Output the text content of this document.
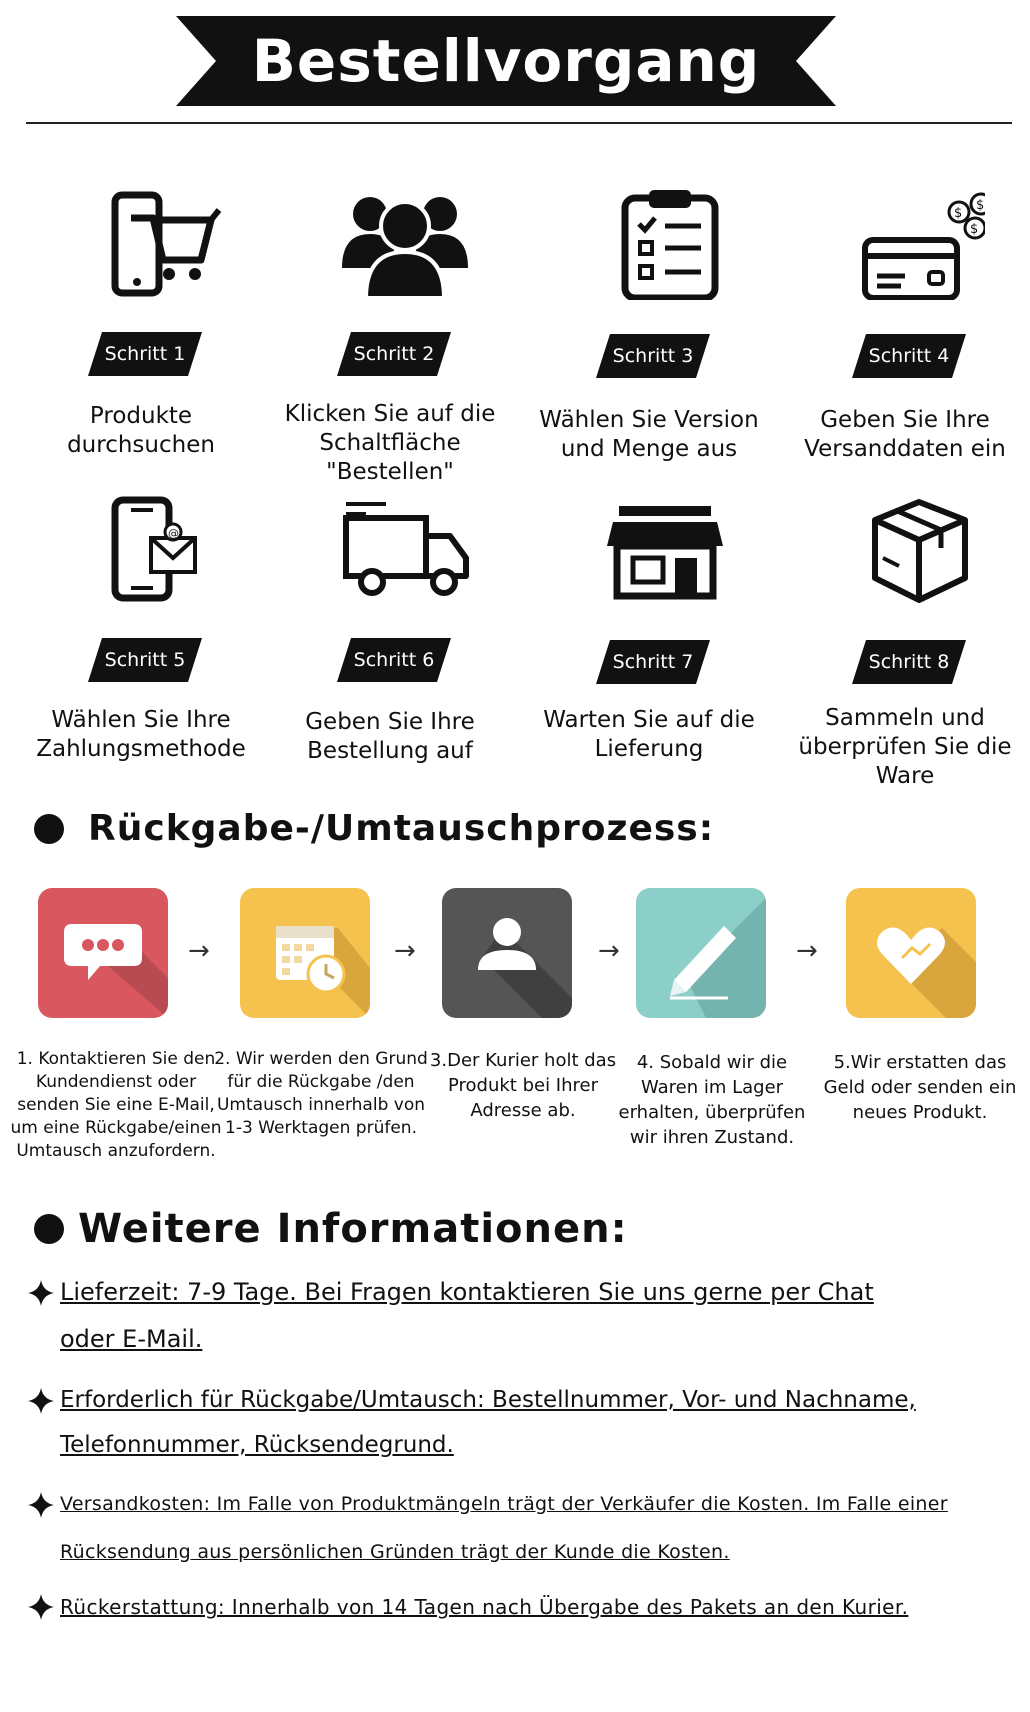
Bestellvorgang
Schritt 1
Produkte durchsuchen
Schritt 2
Klicken Sie auf die Schaltfläche "Bestellen"
Schritt 3
Wählen Sie Version und Menge aus
$
$
$
Schritt 4
Geben Sie Ihre Versanddaten ein
@
Schritt 5
Wählen Sie Ihre Zahlungsmethode
Schritt 6
Geben Sie Ihre Bestellung auf
Schritt 7
Warten Sie auf die Lieferung
Schritt 8
Sammeln und überprüfen Sie die Ware
Rückgabe-/Umtauschprozess:
→	→	→	→
1. Kontaktieren Sie den Kundendienst oder senden Sie eine E-Mail, um eine Rückgabe/einen Umtausch anzufordern.
2. Wir werden den Grund für die Rückgabe /den Umtausch innerhalb von 1-3 Werktagen prüfen.
3.Der Kurier holt das Produkt bei Ihrer Adresse ab.
4. Sobald wir die Waren im Lager erhalten, überprüfen wir ihren Zustand.
5.Wir erstatten das Geld oder senden ein neues Produkt.
Weitere Informationen:
Lieferzeit: 7-9 Tage. Bei Fragen kontaktieren Sie uns gerne per Chat oder E-Mail.
Erforderlich für Rückgabe/Umtausch: Bestellnummer, Vor- und Nachname, Telefonnummer, Rücksendegrund.
Versandkosten: Im Falle von Produktmängeln trägt der Verkäufer die Kosten. Im Falle einer Rücksendung aus persönlichen Gründen trägt der Kunde die Kosten.
Rückerstattung: Innerhalb von 14 Tagen nach Übergabe des Pakets an den Kurier.
